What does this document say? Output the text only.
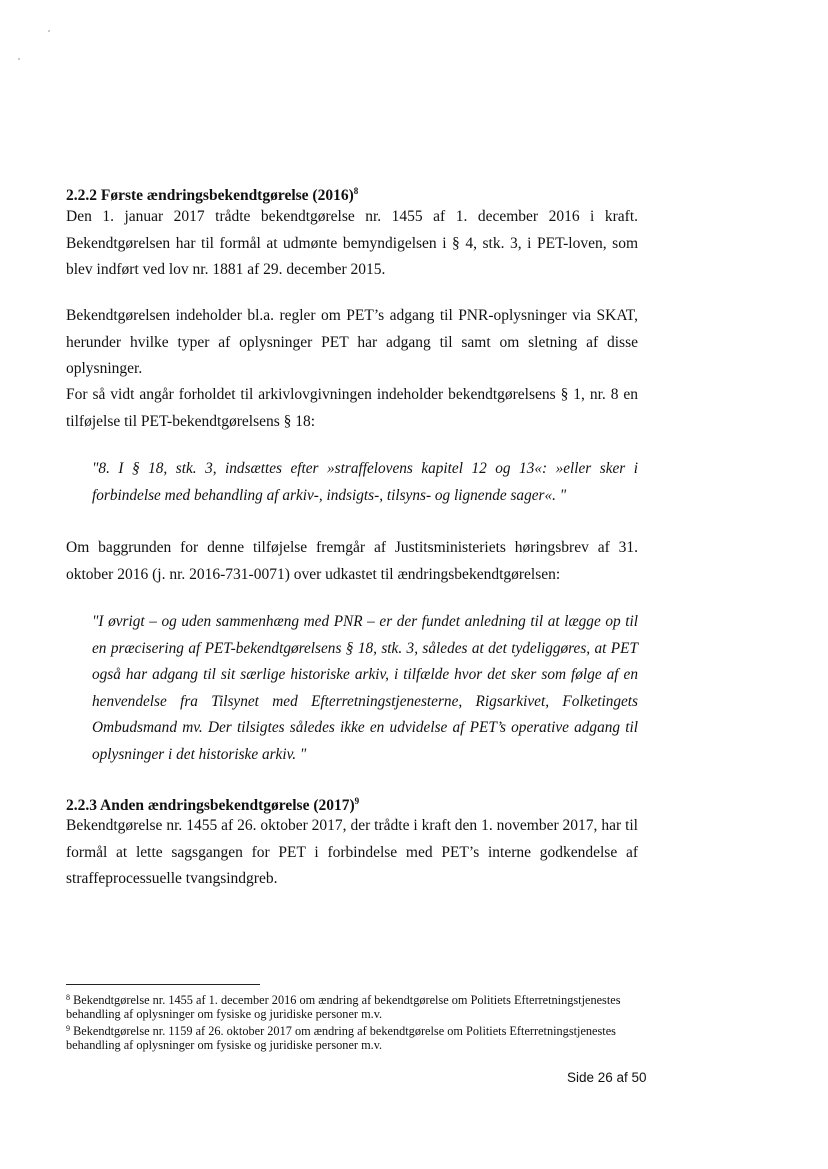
2.2.2 Første ændringsbekendtgørelse $(2016)^8$
Den 1. januar 2017 trådte bekendtgørelse nr. 1455 af 1. december 2016 i kraft. Bekendtgørelsen har til formål at udmønte bemyndigelsen i § 4, stk. 3, i PET-loven, som blev indført ved lov nr. 1881 af 29. december 2015.
Bekendtgørelsen indeholder bl.a. regler om PET’s adgang til PNR-oplysninger via SKAT, herunder hvilke typer af oplysninger PET har adgang til samt om sletning af disse oplysninger.
For så vidt angår forholdet til arkivlovgivningen indeholder bekendtgørelsens § 1, nr. 8 en tilføjelse til PET-bekendtgørelsens § 18:
"8. I § 18, stk. 3, indsættes efter »straffelovens kapitel 12 og 13«: »eller sker i forbindelse med behandling af arkiv-, indsigts-, tilsyns- og lignende sager«. "
Om baggrunden for denne tilføjelse fremgår af Justitsministeriets høringsbrev af 31. oktober 2016 (j. nr. 2016-731-0071) over udkastet til ændringsbekendtgørelsen:
"I øvrigt – og uden sammenhæng med PNR – er der fundet anledning til at lægge op til en præcisering af PET-bekendtgørelsens § 18, stk. 3, således at det tydeliggøres, at PET også har adgang til sit særlige historiske arkiv, i tilfælde hvor det sker som følge af en henvendelse fra Tilsynet med Efterretningstjenesterne, Rigsarkivet, Folketingets Ombudsmand mv. Der tilsigtes således ikke en udvidelse af PET’s operative adgang til oplysninger i det historiske arkiv. "
2.2.3 Anden ændringsbekendtgørelse $(2017)^9$
Bekendtgørelse nr. 1455 af 26. oktober 2017, der trådte i kraft den 1. november 2017, har til formål at lette sagsgangen for PET i forbindelse med PET’s interne godkendelse af straffeprocessuelle tvangsindgreb.
$^8$ Bekendtgørelse nr. 1455 af 1. december 2016 om ændring af bekendtgørelse om Politiets Efterretningstjenestes behandling af oplysninger om fysiske og juridiske personer m.v.
$^9$ Bekendtgørelse nr. 1159 af 26. oktober 2017 om ændring af bekendtgørelse om Politiets Efterretningstjenestes behandling af oplysninger om fysiske og juridiske personer m.v.
Side 26 af 50
